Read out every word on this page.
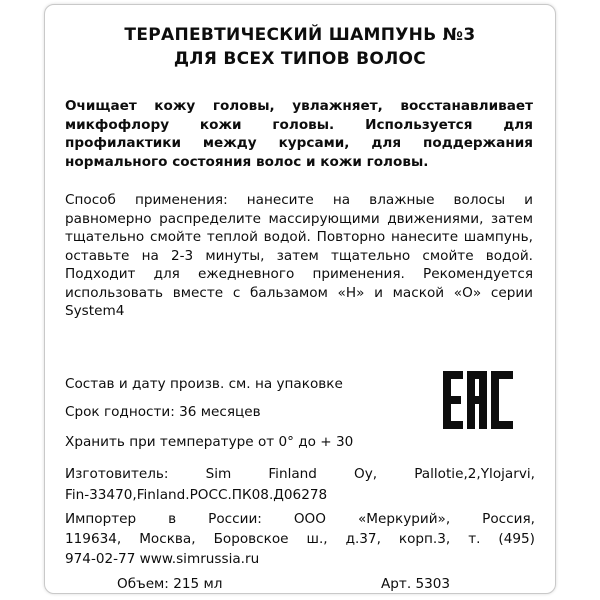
ТЕРАПЕВТИЧЕСКИЙ ШАМПУНЬ №3
ДЛЯ ВСЕХ ТИПОВ ВОЛОС
Очищает кожу головы, увлажняет, восстанавливает микфофлору кожи головы. Используется для профилактики между курсами, для поддержания нормального состояния волос и кожи головы.
Способ применения: нанесите на влажные волосы и равномерно распределите массирующими движениями, затем тщательно смойте теплой водой. Повторно нанесите шампунь, оставьте на 2-3 минуты, затем тщательно смойте водой. Подходит для ежедневного применения. Рекомендуется использовать вместе с бальзамом «Н» и маской «О» серии System4
Состав и дату произв. см. на упаковке
Срок годности: 36 месяцев
Хранить при температуре от 0° до + 30
Изготовитель:	Sim	Finland	Oy,	Pallotie,2,Ylojarvi,
Fin-33470,Finland.РОСС.ПК08.Д06278
Импортер в России: ООО «Меркурий», Россия,
119634, Москва, Боровское ш., д.37, корп.3, т. (495)
974-02-77 www.simrussia.ru
Объем: 215 мл	Арт. 5303
